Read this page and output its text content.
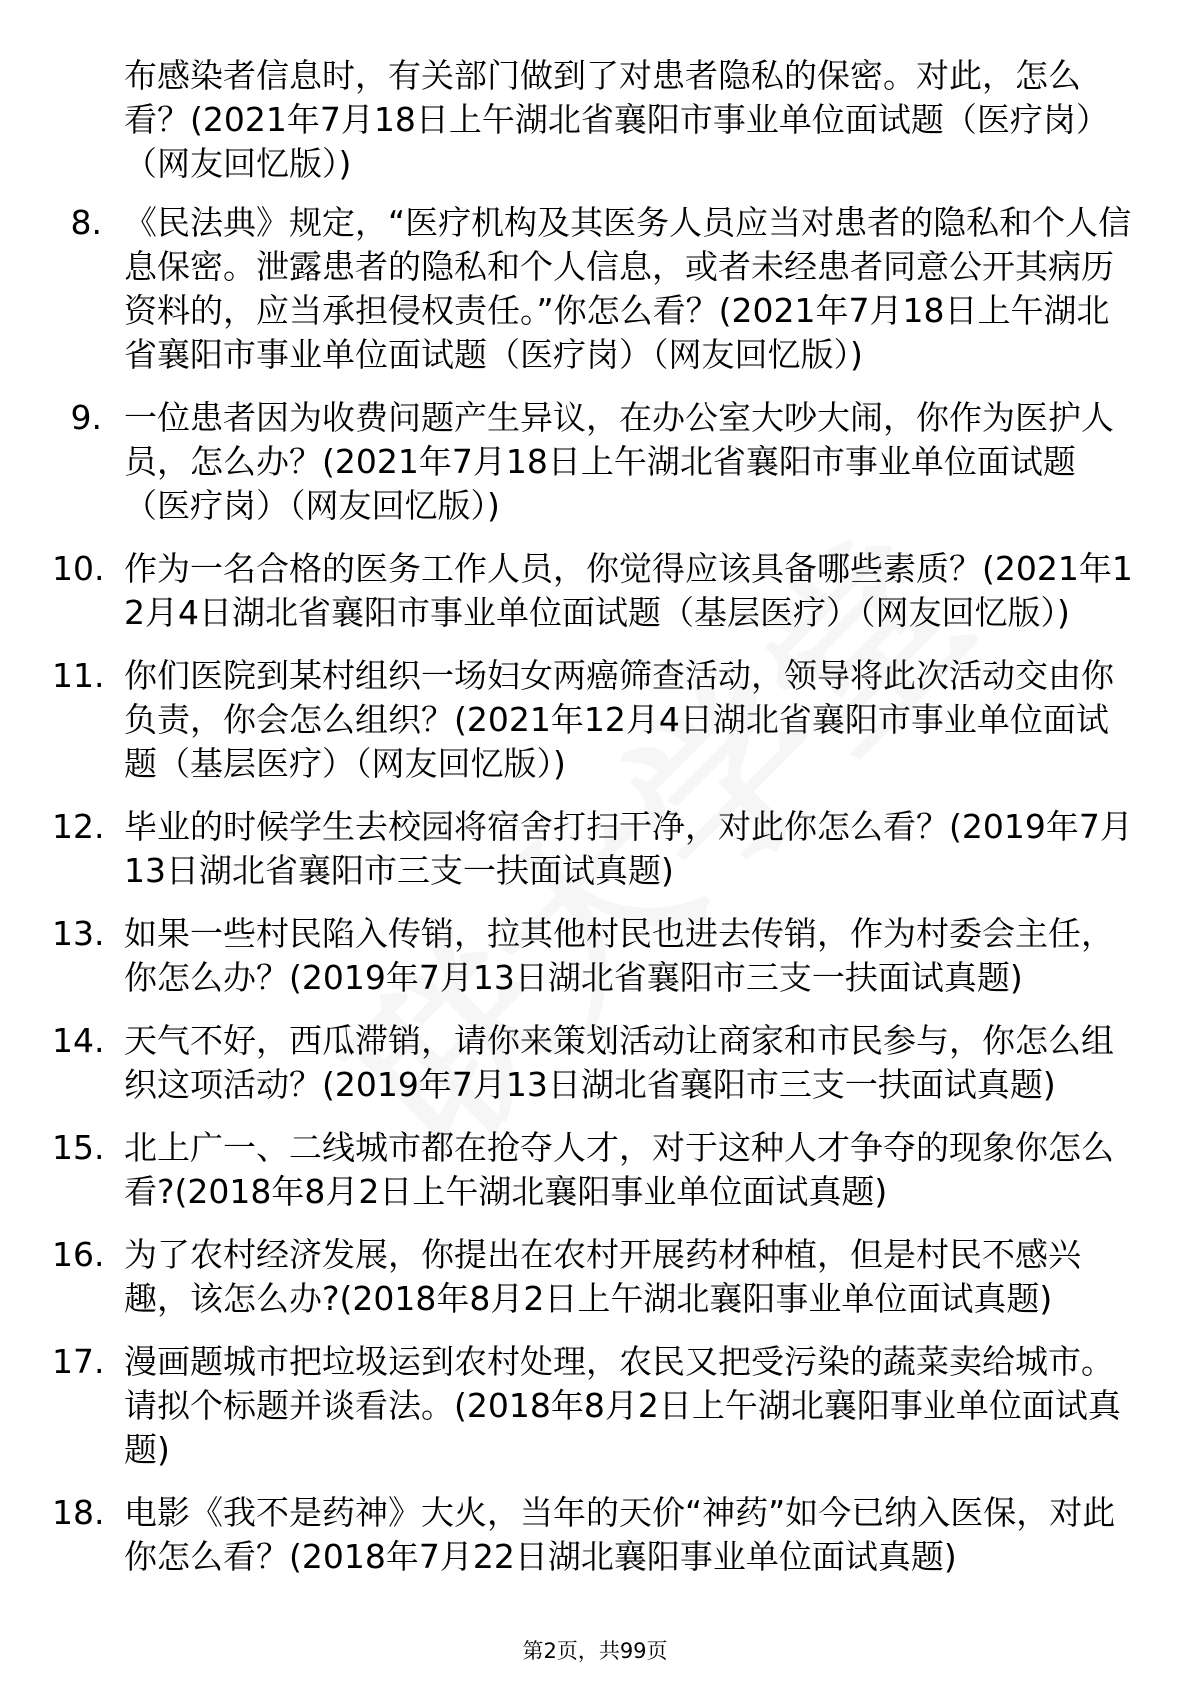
布感染者信息时，有关部门做到了对患者隐私的保密。对此，怎么看？(2021年7月18日上午湖北省襄阳市事业单位面试题（医疗岗）（网友回忆版）)
8. 《民法典》规定，“医疗机构及其医务人员应当对患者的隐私和个人信息保密。泄露患者的隐私和个人信息，或者未经患者同意公开其病历资料的，应当承担侵权责任。”你怎么看？(2021年7月18日上午湖北省襄阳市事业单位面试题（医疗岗）（网友回忆版）)
9. 一位患者因为收费问题产生异议，在办公室大吵大闹，你作为医护人员，怎么办？(2021年7月18日上午湖北省襄阳市事业单位面试题（医疗岗）（网友回忆版）)
10. 作为一名合格的医务工作人员，你觉得应该具备哪些素质？(2021年12月4日湖北省襄阳市事业单位面试题（基层医疗）（网友回忆版）)
11. 你们医院到某村组织一场妇女两癌筛查活动，领导将此次活动交由你负责，你会怎么组织？(2021年12月4日湖北省襄阳市事业单位面试题（基层医疗）（网友回忆版）)
12. 毕业的时候学生去校园将宿舍打扫干净，对此你怎么看？(2019年7月13日湖北省襄阳市三支一扶面试真题)
13. 如果一些村民陷入传销，拉其他村民也进去传销，作为村委会主任，你怎么办？(2019年7月13日湖北省襄阳市三支一扶面试真题)
14. 天气不好，西瓜滞销，请你来策划活动让商家和市民参与，你怎么组织这项活动？(2019年7月13日湖北省襄阳市三支一扶面试真题)
15. 北上广一、二线城市都在抢夺人才，对于这种人才争夺的现象你怎么看?(2018年8月2日上午湖北襄阳事业单位面试真题)
16. 为了农村经济发展，你提出在农村开展药材种植，但是村民不感兴趣，该怎么办?(2018年8月2日上午湖北襄阳事业单位面试真题)
17. 漫画题城市把垃圾运到农村处理，农民又把受污染的蔬菜卖给城市。请拟个标题并谈看法。(2018年8月2日上午湖北襄阳事业单位面试真题)
18. 电影《我不是药神》大火，当年的天价“神药”如今已纳入医保，对此你怎么看？(2018年7月22日湖北襄阳事业单位面试真题)
第2页，共99页
